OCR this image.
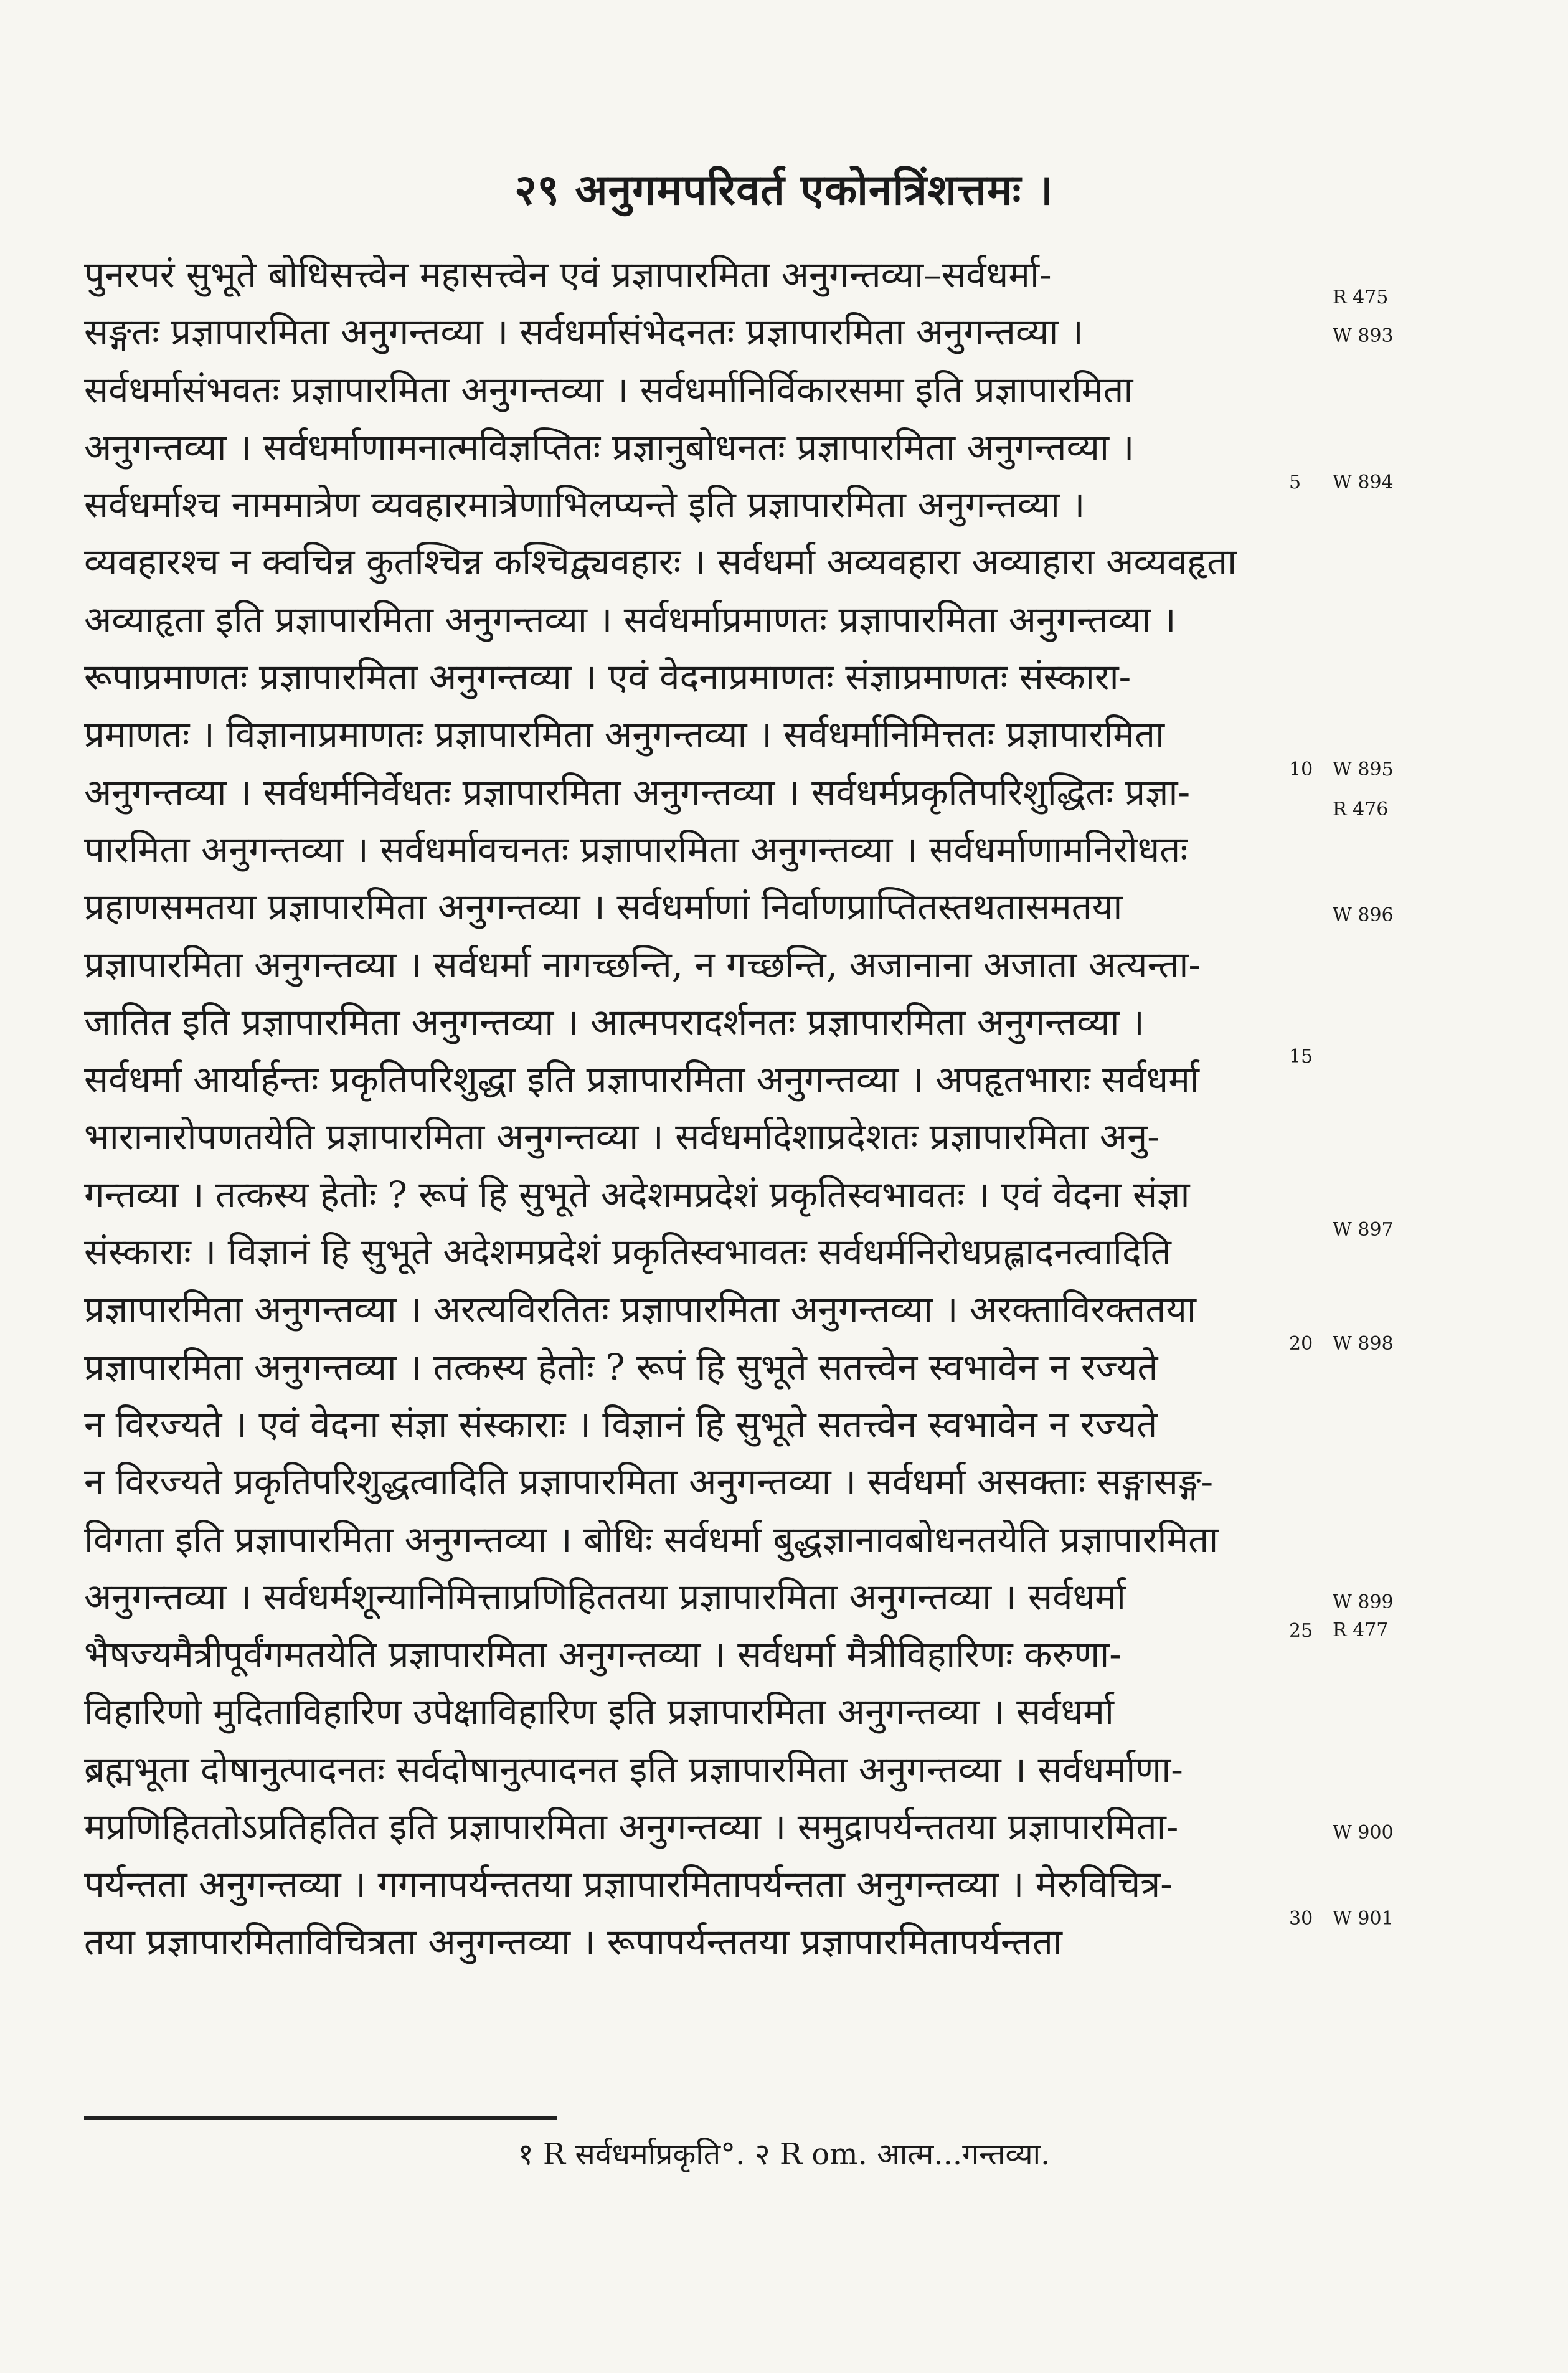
२९ अनुगमपरिवर्त एकोनत्रिंशत्तमः ।
पुनरपरं सुभूते बोधिसत्त्वेन महासत्त्वेन एवं प्रज्ञापारमिता अनुगन्तव्या–सर्वधर्मा-
सङ्गतः प्रज्ञापारमिता अनुगन्तव्या । सर्वधर्मासंभेदनतः प्रज्ञापारमिता अनुगन्तव्या ।
सर्वधर्मासंभवतः प्रज्ञापारमिता अनुगन्तव्या । सर्वधर्मानिर्विकारसमा इति प्रज्ञापारमिता
अनुगन्तव्या । सर्वधर्माणामनात्मविज्ञप्तितः प्रज्ञानुबोधनतः प्रज्ञापारमिता अनुगन्तव्या ।
सर्वधर्माश्च नाममात्रेण व्यवहारमात्रेणाभिलप्यन्ते इति प्रज्ञापारमिता अनुगन्तव्या ।
व्यवहारश्च न क्वचिन्न कुतश्चिन्न कश्चिद्व्यवहारः । सर्वधर्मा अव्यवहारा अव्याहारा अव्यवहृता
अव्याहृता इति प्रज्ञापारमिता अनुगन्तव्या । सर्वधर्माप्रमाणतः प्रज्ञापारमिता अनुगन्तव्या ।
रूपाप्रमाणतः प्रज्ञापारमिता अनुगन्तव्या । एवं वेदनाप्रमाणतः संज्ञाप्रमाणतः संस्कारा-
प्रमाणतः । विज्ञानाप्रमाणतः प्रज्ञापारमिता अनुगन्तव्या । सर्वधर्मानिमित्ततः प्रज्ञापारमिता
अनुगन्तव्या । सर्वधर्मनिर्वेधतः प्रज्ञापारमिता अनुगन्तव्या । सर्वधर्मप्रकृतिपरिशुद्धितः प्रज्ञा-
पारमिता अनुगन्तव्या । सर्वधर्मावचनतः प्रज्ञापारमिता अनुगन्तव्या । सर्वधर्माणामनिरोधतः
प्रहाणसमतया प्रज्ञापारमिता अनुगन्तव्या । सर्वधर्माणां निर्वाणप्राप्तितस्तथतासमतया
प्रज्ञापारमिता अनुगन्तव्या । सर्वधर्मा नागच्छन्ति, न गच्छन्ति, अजानाना अजाता अत्यन्ता-
जातित इति प्रज्ञापारमिता अनुगन्तव्या । आत्मपरादर्शनतः प्रज्ञापारमिता अनुगन्तव्या ।
सर्वधर्मा आर्यार्हन्तः प्रकृतिपरिशुद्धा इति प्रज्ञापारमिता अनुगन्तव्या । अपहृतभाराः सर्वधर्मा
भारानारोपणतयेति प्रज्ञापारमिता अनुगन्तव्या । सर्वधर्मादेशाप्रदेशतः प्रज्ञापारमिता अनु-
गन्तव्या । तत्कस्य हेतोः ? रूपं हि सुभूते अदेशमप्रदेशं प्रकृतिस्वभावतः । एवं वेदना संज्ञा
संस्काराः । विज्ञानं हि सुभूते अदेशमप्रदेशं प्रकृतिस्वभावतः सर्वधर्मनिरोधप्रह्लादनत्वादिति
प्रज्ञापारमिता अनुगन्तव्या । अरत्यविरतितः प्रज्ञापारमिता अनुगन्तव्या । अरक्ताविरक्ततया
प्रज्ञापारमिता अनुगन्तव्या । तत्कस्य हेतोः ? रूपं हि सुभूते सतत्त्वेन स्वभावेन न रज्यते
न विरज्यते । एवं वेदना संज्ञा संस्काराः । विज्ञानं हि सुभूते सतत्त्वेन स्वभावेन न रज्यते
न विरज्यते प्रकृतिपरिशुद्धत्वादिति प्रज्ञापारमिता अनुगन्तव्या । सर्वधर्मा असक्ताः सङ्गासङ्ग-
विगता इति प्रज्ञापारमिता अनुगन्तव्या । बोधिः सर्वधर्मा बुद्धज्ञानावबोधनतयेति प्रज्ञापारमिता
अनुगन्तव्या । सर्वधर्मशून्यानिमित्ताप्रणिहिततया प्रज्ञापारमिता अनुगन्तव्या । सर्वधर्मा
भैषज्यमैत्रीपूर्वंगमतयेति प्रज्ञापारमिता अनुगन्तव्या । सर्वधर्मा मैत्रीविहारिणः करुणा-
विहारिणो मुदिताविहारिण उपेक्षाविहारिण इति प्रज्ञापारमिता अनुगन्तव्या । सर्वधर्मा
ब्रह्मभूता दोषानुत्पादनतः सर्वदोषानुत्पादनत इति प्रज्ञापारमिता अनुगन्तव्या । सर्वधर्माणा-
मप्रणिहिततोऽप्रतिहतित इति प्रज्ञापारमिता अनुगन्तव्या । समुद्रापर्यन्ततया प्रज्ञापारमिता-
पर्यन्तता अनुगन्तव्या । गगनापर्यन्ततया प्रज्ञापारमितापर्यन्तता अनुगन्तव्या । मेरुविचित्र-
तया प्रज्ञापारमिताविचित्रता अनुगन्तव्या । रूपापर्यन्ततया प्रज्ञापारमितापर्यन्तता
5
10
15
20
25
30
R 475
W 893
W 894
W 895
R 476
W 896
W 897
W 898
W 899
R 477
W 900
W 901
१ R सर्वधर्माप्रकृति°. २ R om. आत्म...गन्तव्या.
